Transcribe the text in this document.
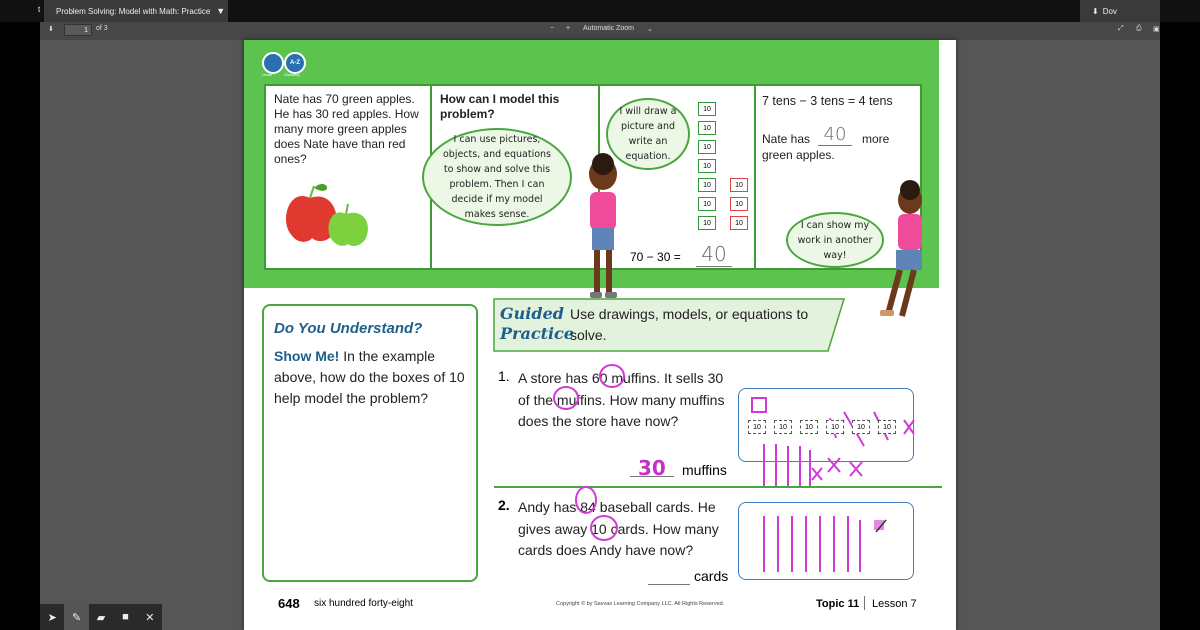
t Problem Solving: Model with Math: Practice ▼	⬇ Dov
⬇	1	of 3	− + Automatic Zoom ⌄	⤢ ⎙ ▣
Learn
A-Z
Glossary
Nate has 70 green apples. He has 30 red apples. How many more green apples does Nate have than red ones?
How can I model this problem?
I can use pictures, objects, and equations to show and solve this problem. Then I can decide if my model makes sense.
I will draw a picture and write an equation.
70 − 30 = 40
7 tens − 3 tens = 4 tens
Nate has 40	more
green apples.
I can show my work in another way!
Do You Understand?
Show Me! In the example above, how do the boxes of 10 help model the problem?
Guided
Practice
Use drawings, models, or equations to solve.
1. A store has 60 muffins. It sells 30 of the muffins. How many muffins does the store have now?
30 muffins
2. Andy has 84 baseball cards. He gives away 10 cards. How many cards does Andy have now?
cards
648 six hundred forty-eight	Copyright © by Savvas Learning Company LLC. All Rights Reserved.	Topic 11 Lesson 7
10
10
10
10
10
10
10
10
10
10
10	10	10	10	10	10
➤	✎	▰	■	✕
